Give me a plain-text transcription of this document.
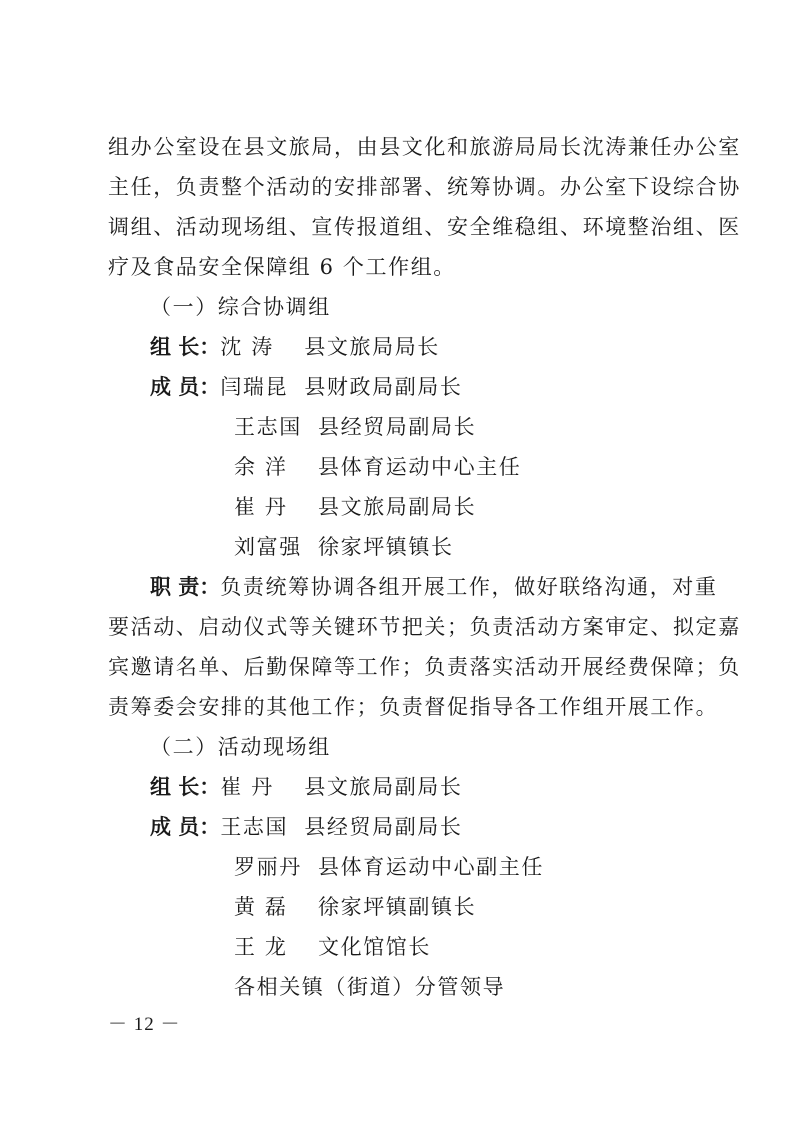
组办公室设在县文旅局，由县文化和旅游局局长沈涛兼任办公室
主任，负责整个活动的安排部署、统筹协调。办公室下设综合协
调组、活动现场组、宣传报道组、安全维稳组、环境整治组、医
疗及食品安全保障组 6 个工作组。
（一）综合协调组
组 长：沈 涛 县文旅局局长
成 员：闫瑞昆 县财政局副局长
王志国 县经贸局副局长
余 洋 县体育运动中心主任
崔 丹 县文旅局副局长
刘富强 徐家坪镇镇长
职 责：负责统筹协调各组开展工作，做好联络沟通，对重
要活动、启动仪式等关键环节把关；负责活动方案审定、拟定嘉
宾邀请名单、后勤保障等工作；负责落实活动开展经费保障；负
责筹委会安排的其他工作；负责督促指导各工作组开展工作。
（二）活动现场组
组 长：崔 丹 县文旅局副局长
成 员：王志国 县经贸局副局长
罗丽丹 县体育运动中心副主任
黄 磊 徐家坪镇副镇长
王 龙 文化馆馆长
各相关镇（街道）分管领导
－ 12 －
